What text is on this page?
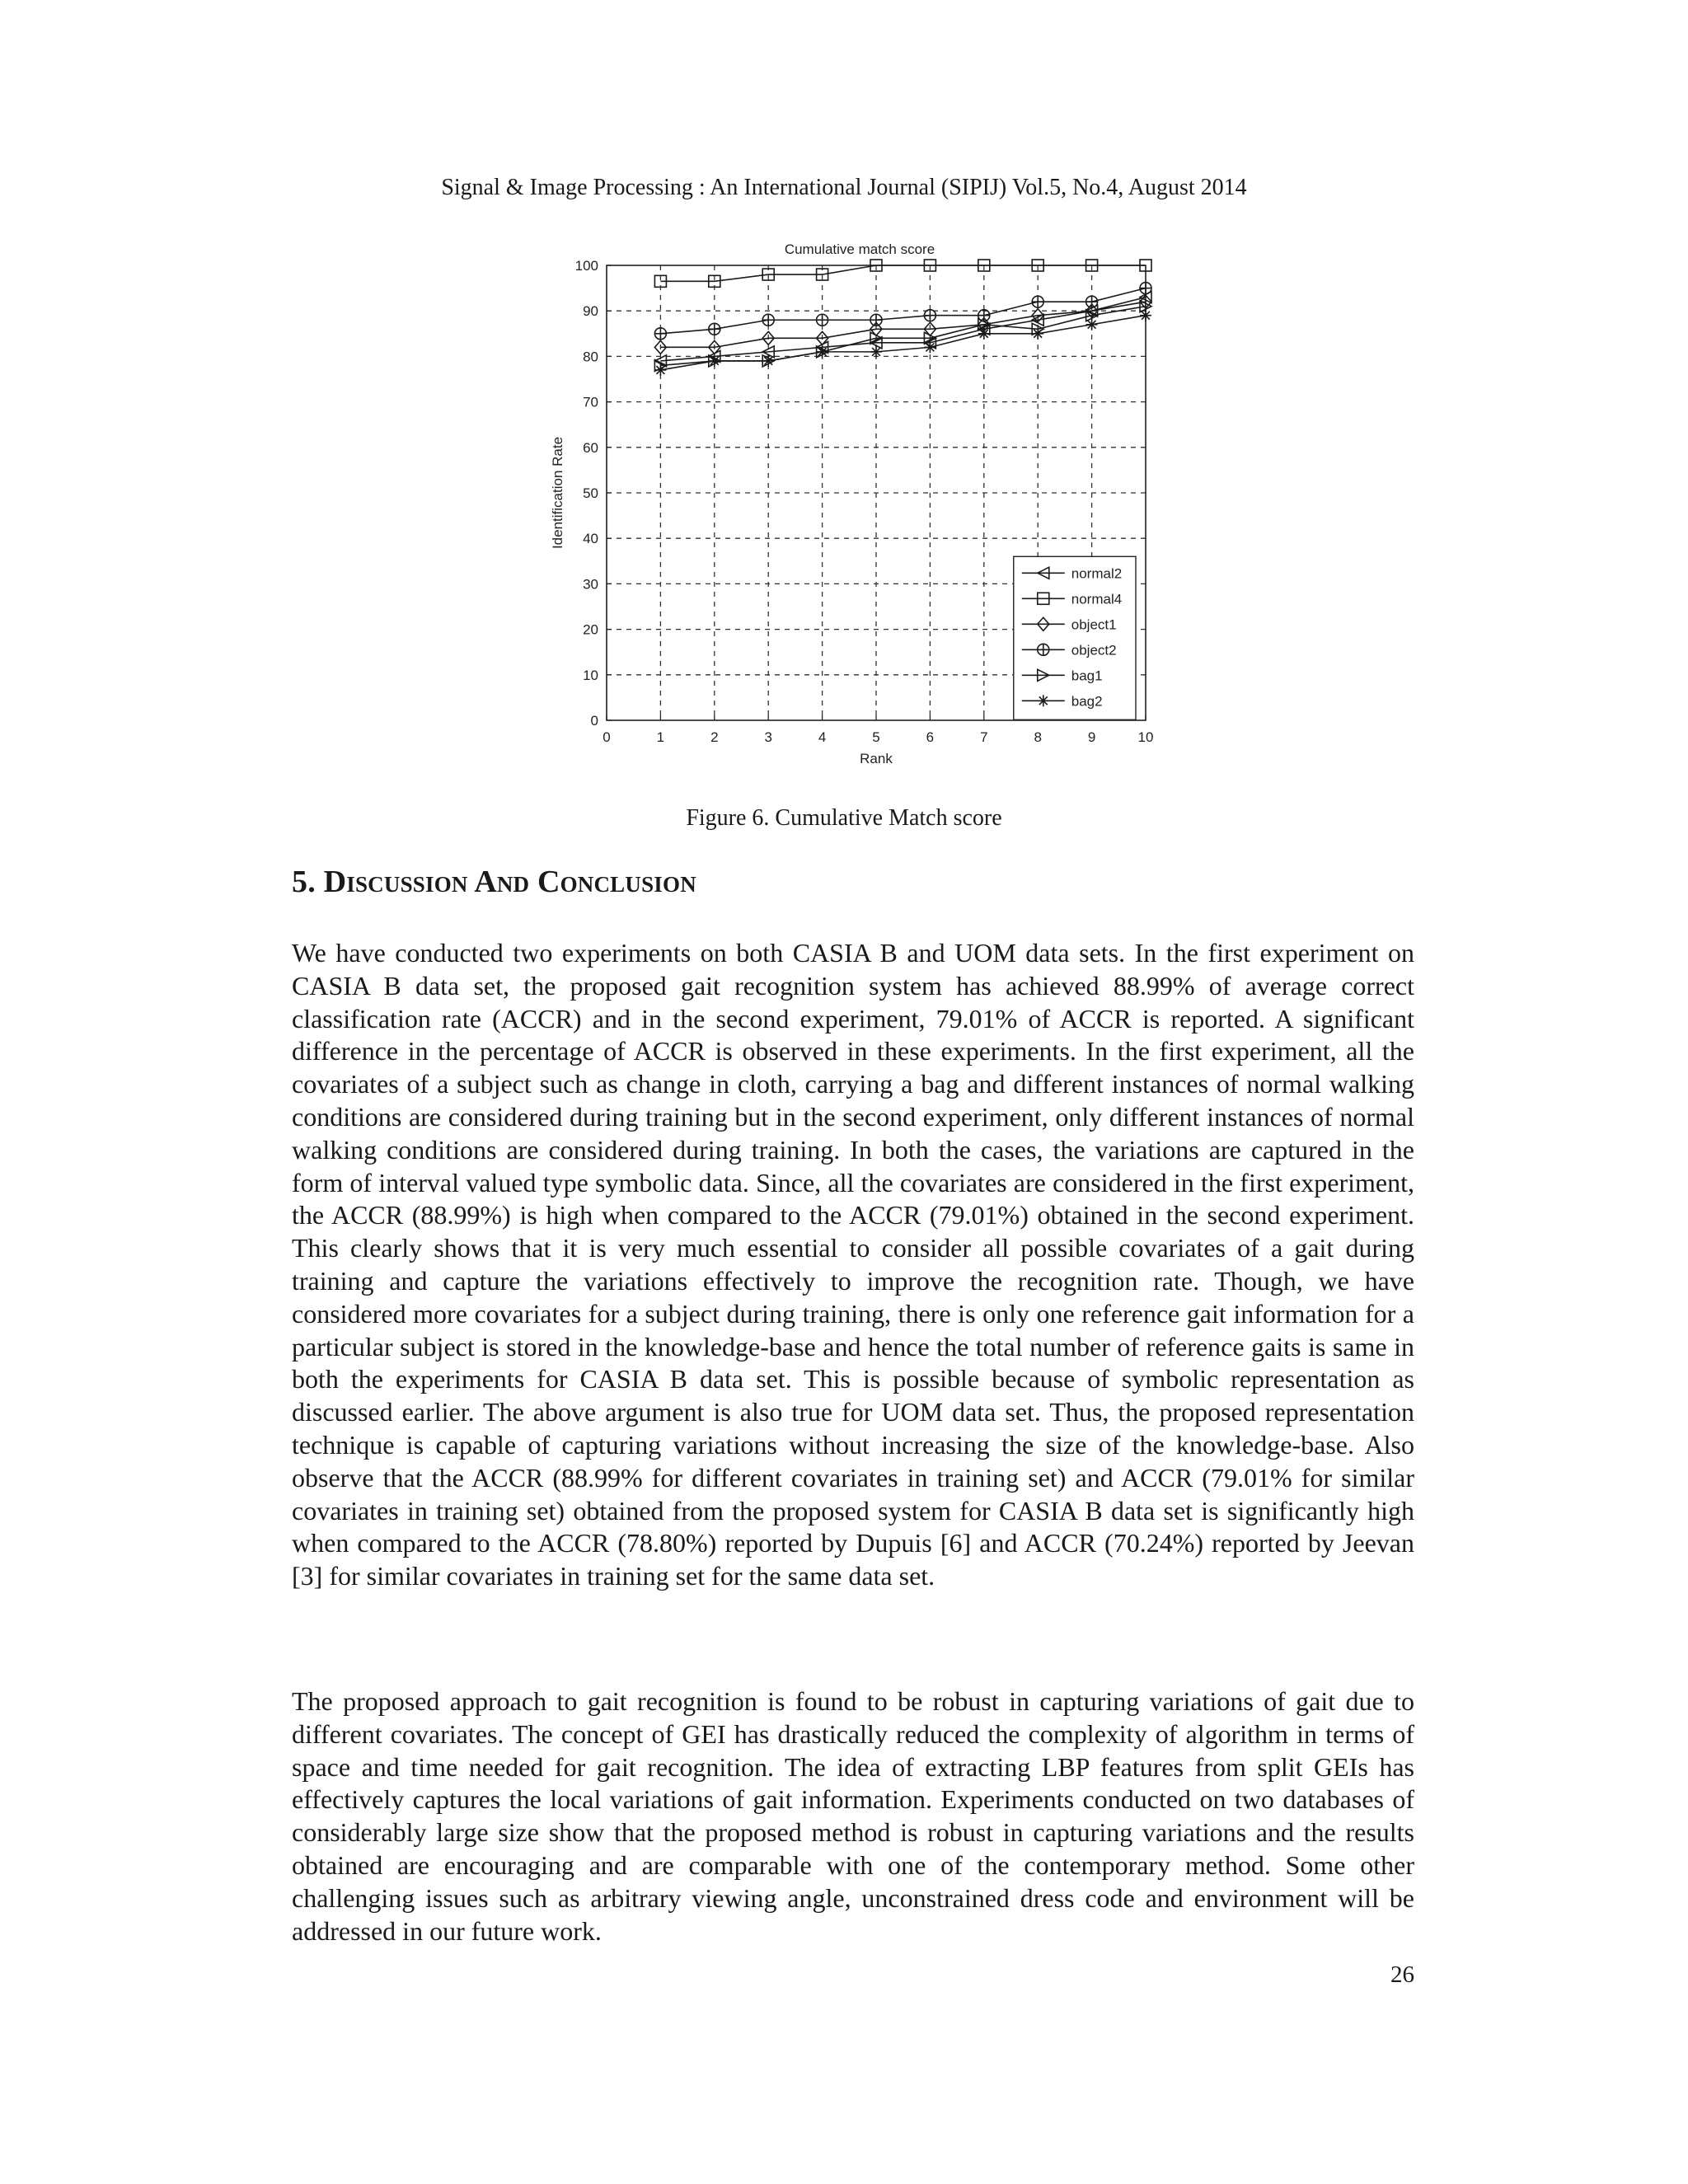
Signal & Image Processing : An International Journal (SIPIJ) Vol.5, No.4, August 2014
0	1	2	3	4	5	6	7	8	9	10
0
10
20
30
40
50
60
70
80
90
100
Cumulative match score
Rank
Identification Rate
normal2
normal4
object1
object2
bag1
bag2
Figure 6. Cumulative Match score
5. Discussion And Conclusion

We have conducted two experiments on both CASIA B and UOM data sets. In the first experiment on CASIA B data set, the proposed gait recognition system has achieved 88.99% of average correct classification rate (ACCR) and in the second experiment, 79.01% of ACCR is reported. A significant difference in the percentage of ACCR is observed in these experiments. In the first experiment, all the covariates of a subject such as change in cloth, carrying a bag and different instances of normal walking conditions are considered during training but in the second experiment, only different instances of normal walking conditions are considered during training. In both the cases, the variations are captured in the form of interval valued type symbolic data. Since, all the covariates are considered in the first experiment, the ACCR (88.99%) is high when compared to the ACCR (79.01%) obtained in the second experiment. This clearly shows that it is very much essential to consider all possible covariates of a gait during training and capture the variations effectively to improve the recognition rate. Though, we have considered more covariates for a subject during training, there is only one reference gait information for a particular subject is stored in the knowledge-base and hence the total number of reference gaits is same in both the experiments for CASIA B data set. This is possible because of symbolic representation as discussed earlier. The above argument is also true for UOM data set. Thus, the proposed representation technique is capable of capturing variations without increasing the size of the knowledge-base. Also observe that the ACCR (88.99% for different covariates in training set) and ACCR (79.01% for similar covariates in training set) obtained from the proposed system for CASIA B data set is significantly high when compared to the ACCR (78.80%) reported by Dupuis [6] and ACCR (70.24%) reported by Jeevan [3] for similar covariates in training set for the same data set.

The proposed approach to gait recognition is found to be robust in capturing variations of gait due to different covariates. The concept of GEI has drastically reduced the complexity of algorithm in terms of space and time needed for gait recognition. The idea of extracting LBP features from split GEIs has effectively captures the local variations of gait information. Experiments conducted on two databases of considerably large size show that the proposed method is robust in capturing variations and the results obtained are encouraging and are comparable with one of the contemporary method. Some other challenging issues such as arbitrary viewing angle, unconstrained dress code and environment will be addressed in our future work.

26
